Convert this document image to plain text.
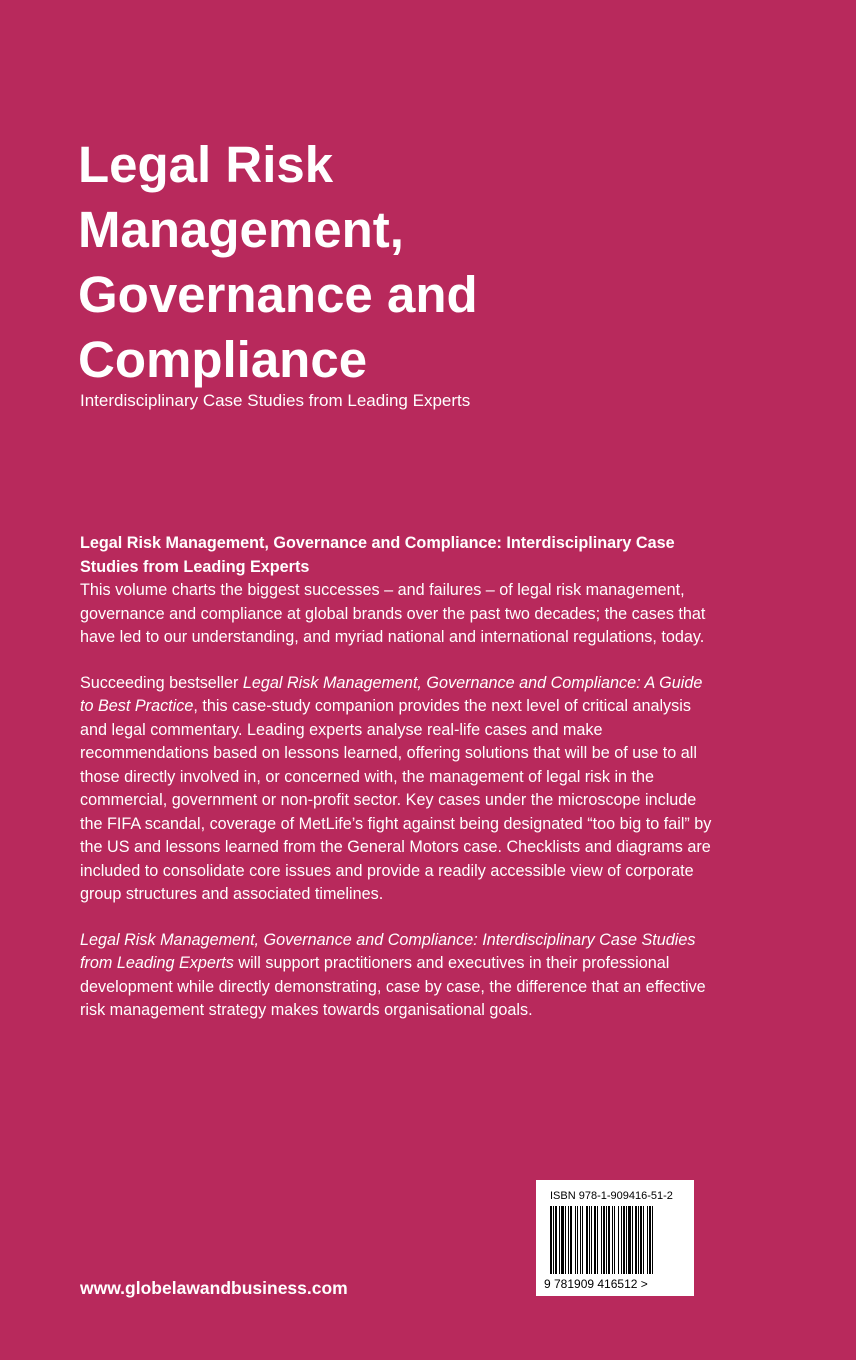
Legal Risk
Management,
Governance and
Compliance

Interdisciplinary Case Studies from Leading Experts

Legal Risk Management, Governance and Compliance: Interdisciplinary Case Studies from Leading Experts
This volume charts the biggest successes – and failures – of legal risk management, governance and compliance at global brands over the past two decades; the cases that have led to our understanding, and myriad national and international regulations, today.

Succeeding bestseller Legal Risk Management, Governance and Compliance: A Guide to Best Practice, this case-study companion provides the next level of critical analysis and legal commentary. Leading experts analyse real-life cases and make recommendations based on lessons learned, offering solutions that will be of use to all those directly involved in, or concerned with, the management of legal risk in the commercial, government or non-profit sector. Key cases under the microscope include the FIFA scandal, coverage of MetLife’s fight against being designated “too big to fail” by the US and lessons learned from the General Motors case. Checklists and diagrams are included to consolidate core issues and provide a readily accessible view of corporate group structures and associated timelines.

Legal Risk Management, Governance and Compliance: Interdisciplinary Case Studies from Leading Experts will support practitioners and executives in their professional development while directly demonstrating, case by case, the difference that an effective risk management strategy makes towards organisational goals.

www.globelawandbusiness.com
ISBN 978-1-909416-51-2
9 781909 416512 >
